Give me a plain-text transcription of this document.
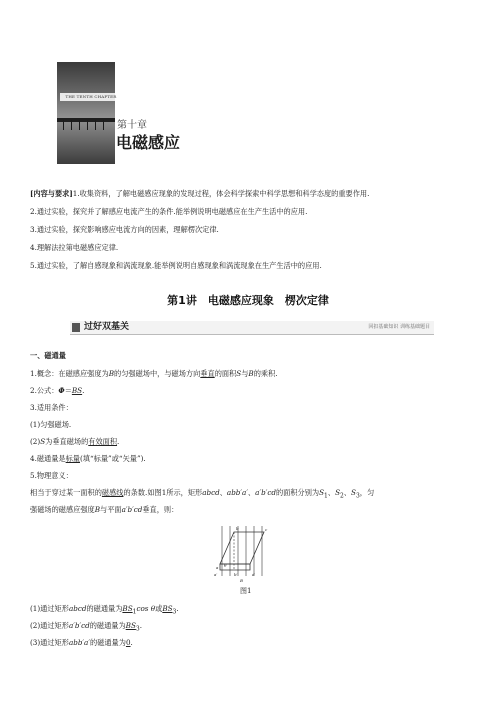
THE TENTH CHAPTER
第十章
电磁感应
[内容与要求]1.收集资料，了解电磁感应现象的发现过程，体会科学探索中科学思想和科学态度的重要作用.
2.通过实验，探究并了解感应电流产生的条件.能举例说明电磁感应在生产生活中的应用.
3.通过实验，探究影响感应电流方向的因素，理解楞次定律.
4.理解法拉第电磁感应定律.
5.通过实验，了解自感现象和涡流现象.能举例说明自感现象和涡流现象在生产生活中的应用.
第1讲　电磁感应现象　楞次定律
过好双基关	回扣基础知识 训练基础题目
一、磁通量
1.概念：在磁感应强度为B的匀强磁场中，与磁场方向垂直的面积S与B的乘积.
2.公式：Φ＝BS.
3.适用条件：
(1)匀强磁场.
(2)S为垂直磁场的有效面积.
4.磁通量是标量(填“标量”或“矢量”).
5.物理意义：
相当于穿过某一面积的磁感线的条数.如图1所示，矩形abcd、abb′a′、a′b′cd的面积分别为$S_1$、$S_2$、$S_3$，匀
强磁场的磁感应强度B与平面a′b′cd垂直，则：
a
a′
b	c
d
b′
B
θ
图1
(1)通过矩形abcd的磁通量为$BS_1\cos$ θ或$BS_3$.
(2)通过矩形a′b′cd的磁通量为$BS_3$.
(3)通过矩形abb′a′的磁通量为0.
